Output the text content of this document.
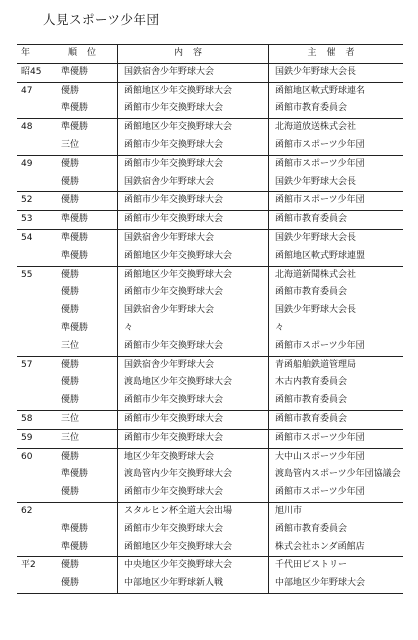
人見スポーツ少年団
年	順位	内容	主催者
昭45	準優勝	国鉄宿舎少年野球大会	国鉄少年野球大会長
47	優勝	函館地区少年交換野球大会	函館地区軟式野球連名
	準優勝	函館市少年交換野球大会	函館市教育委員会
48	準優勝	函館地区少年交換野球大会	北海道放送株式会社
	三位	函館市少年交換野球大会	函館市スポーツ少年団
49	優勝	函館市少年交換野球大会	函館市スポーツ少年団
	優勝	国鉄宿舎少年野球大会	国鉄少年野球大会長
52	優勝	函館市少年交換野球大会	函館市スポーツ少年団
53	準優勝	函館市少年交換野球大会	函館市教育委員会
54	準優勝	国鉄宿舎少年野球大会	国鉄少年野球大会長
	準優勝	函館地区少年交換野球大会	函館地区軟式野球連盟
55	優勝	函館地区少年交換野球大会	北海道新聞株式会社
	優勝	函館市少年交換野球大会	函館市教育委員会
	優勝	国鉄宿舎少年野球大会	国鉄少年野球大会長
	準優勝	々	々
	三位	函館市少年交換野球大会	函館市スポーツ少年団
57	優勝	国鉄宿舎少年野球大会	青函船舶鉄道管理局
	優勝	渡島地区少年交換野球大会	木古内教育委員会
	優勝	函館市少年交換野球大会	函館市教育委員会
58	三位	函館市少年交換野球大会	函館市教育委員会
59	三位	函館市少年交換野球大会	函館市スポーツ少年団
60	優勝	地区少年交換野球大会	大中山スポーツ少年団
	準優勝	渡島管内少年交換野球大会	渡島管内スポーツ少年団協議会
	優勝	函館市少年交換野球大会	函館市スポーツ少年団
62		スタルヒン杯全道大会出場	旭川市
	準優勝	函館市少年交換野球大会	函館市教育委員会
	準優勝	函館地区少年交換野球大会	株式会社ホンダ函館店
平2	優勝	中央地区少年交換野球大会	千代田ビストリー
	優勝	中部地区少年野球新人戦	中部地区少年野球大会
